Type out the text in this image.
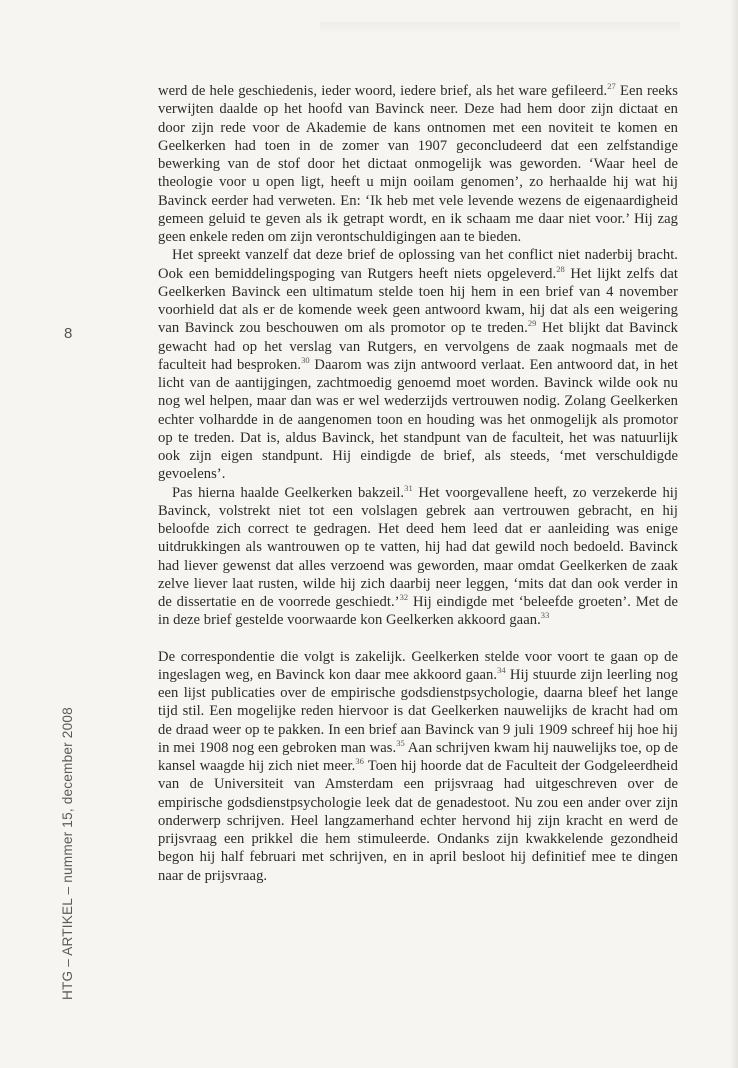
8
HTG – ARTIKEL – nummer 15, december 2008

werd de hele geschiedenis, ieder woord, iedere brief, als het ware gefileerd.$^{27}$ Een reeks verwijten daalde op het hoofd van Bavinck neer. Deze had hem door zijn dictaat en door zijn rede voor de Akademie de kans ontnomen met een noviteit te komen en Geelkerken had toen in de zomer van 1907 geconcludeerd dat een zelfstandige bewerking van de stof door het dictaat onmogelijk was geworden. ‘Waar heel de theologie voor u open ligt, heeft u mijn ooilam genomen’, zo herhaalde hij wat hij Bavinck eerder had verweten. En: ‘Ik heb met vele levende wezens de eigenaardigheid gemeen geluid te geven als ik getrapt wordt, en ik schaam me daar niet voor.’ Hij zag geen enkele reden om zijn verontschuldigingen aan te bieden.

Het spreekt vanzelf dat deze brief de oplossing van het conflict niet naderbij bracht. Ook een bemiddelingspoging van Rutgers heeft niets opgeleverd.$^{28}$ Het lijkt zelfs dat Geelkerken Bavinck een ultimatum stelde toen hij hem in een brief van 4 november voorhield dat als er de komende week geen antwoord kwam, hij dat als een weigering van Bavinck zou beschouwen om als promotor op te treden.$^{29}$ Het blijkt dat Bavinck gewacht had op het verslag van Rutgers, en vervolgens de zaak nogmaals met de faculteit had besproken.$^{30}$ Daarom was zijn antwoord verlaat. Een antwoord dat, in het licht van de aantijgingen, zachtmoedig genoemd moet worden. Bavinck wilde ook nu nog wel helpen, maar dan was er wel wederzijds vertrouwen nodig. Zolang Geelkerken echter volhardde in de aangenomen toon en houding was het onmogelijk als promotor op te treden. Dat is, aldus Bavinck, het standpunt van de faculteit, het was natuurlijk ook zijn eigen standpunt. Hij eindigde de brief, als steeds, ‘met verschuldigde gevoelens’.

Pas hierna haalde Geelkerken bakzeil.$^{31}$ Het voorgevallene heeft, zo verzekerde hij Bavinck, volstrekt niet tot een volslagen gebrek aan vertrouwen gebracht, en hij beloofde zich correct te gedragen. Het deed hem leed dat er aanleiding was enige uitdrukkingen als wantrouwen op te vatten, hij had dat gewild noch bedoeld. Bavinck had liever gewenst dat alles verzoend was geworden, maar omdat Geelkerken de zaak zelve liever laat rusten, wilde hij zich daarbij neer leggen, ‘mits dat dan ook verder in de dissertatie en de voorrede geschiedt.’$^{32}$ Hij eindigde met ‘beleefde groeten’. Met de in deze brief gestelde voorwaarde kon Geelkerken akkoord gaan.$^{33}$

De correspondentie die volgt is zakelijk. Geelkerken stelde voor voort te gaan op de ingeslagen weg, en Bavinck kon daar mee akkoord gaan.$^{34}$ Hij stuurde zijn leerling nog een lijst publicaties over de empirische godsdienstpsychologie, daarna bleef het lange tijd stil. Een mogelijke reden hiervoor is dat Geelkerken nauwelijks de kracht had om de draad weer op te pakken. In een brief aan Bavinck van 9 juli 1909 schreef hij hoe hij in mei 1908 nog een gebroken man was.$^{35}$ Aan schrijven kwam hij nauwelijks toe, op de kansel waagde hij zich niet meer.$^{36}$ Toen hij hoorde dat de Faculteit der Godgeleerdheid van de Universiteit van Amsterdam een prijsvraag had uitgeschreven over de empirische godsdienstpsychologie leek dat de genadestoot. Nu zou een ander over zijn onderwerp schrijven. Heel langzamerhand echter hervond hij zijn kracht en werd de prijsvraag een prikkel die hem stimuleerde. Ondanks zijn kwakkelende gezondheid begon hij half februari met schrijven, en in april besloot hij definitief mee te dingen naar de prijsvraag.
